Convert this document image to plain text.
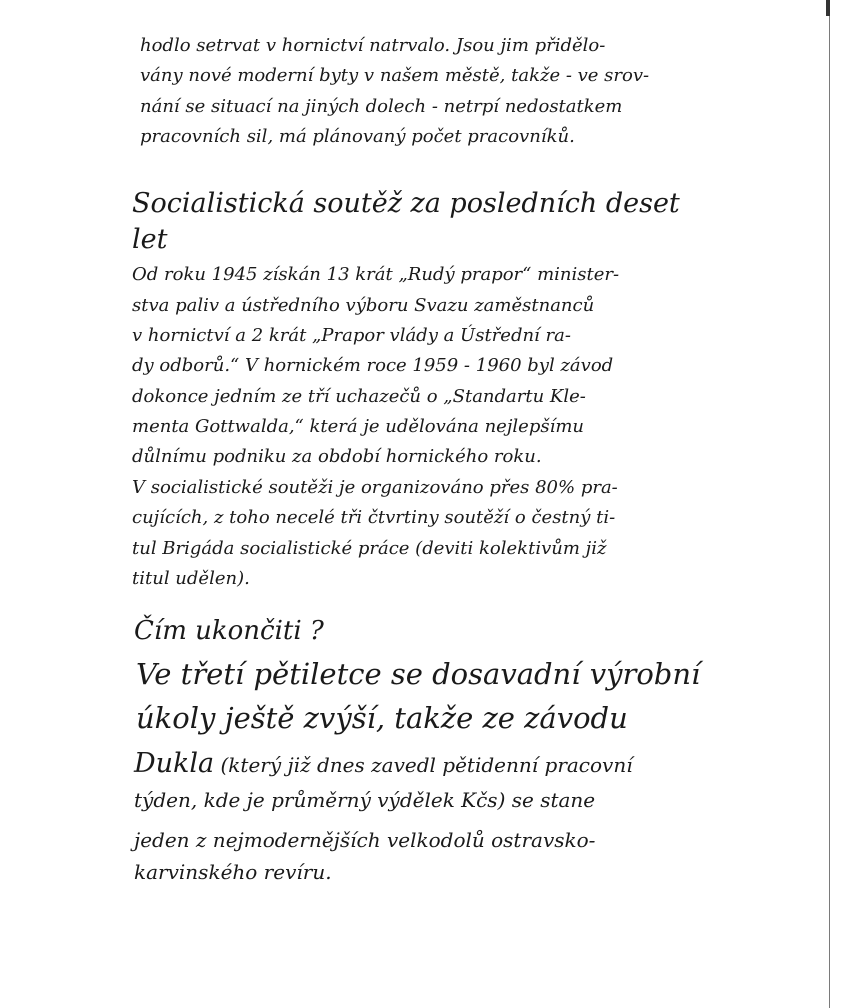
hodlo setrvat v hornictví natrvalo. Jsou jim přidělo-
vány nové moderní byty v našem městě, takže - ve srov-
nání se situací na jiných dolech - netrpí nedostatkem
pracovních sil, má plánovaný počet pracovníků.
Socialistická soutěž za posledních deset
let
Od roku 1945 získán 13 krát „Rudý prapor“ minister-
stva paliv a ústředního výboru Svazu zaměstnanců
v hornictví a 2 krát „Prapor vlády a Ústřední ra-
dy odborů.“ V hornickém roce 1959 - 1960 byl závod
dokonce jedním ze tří uchazečů o „Standartu Kle-
menta Gottwalda,“ která je udělována nejlepšímu
důlnímu podniku za období hornického roku.
V socialistické soutěži je organizováno přes 80% pra-
cujících, z toho necelé tři čtvrtiny soutěží o čestný ti-
tul Brigáda socialistické práce (deviti kolektivům již
titul udělen).
Čím ukončiti ?
Ve třetí pětiletce se dosavadní výrobní
úkoly ještě zvýší, takže ze závodu
Dukla (který již dnes zavedl pětidenní pracovní
týden, kde je průměrný výdělek Kčs) se stane
jeden z nejmodernějších velkodolů ostravsko-
karvinského revíru.
